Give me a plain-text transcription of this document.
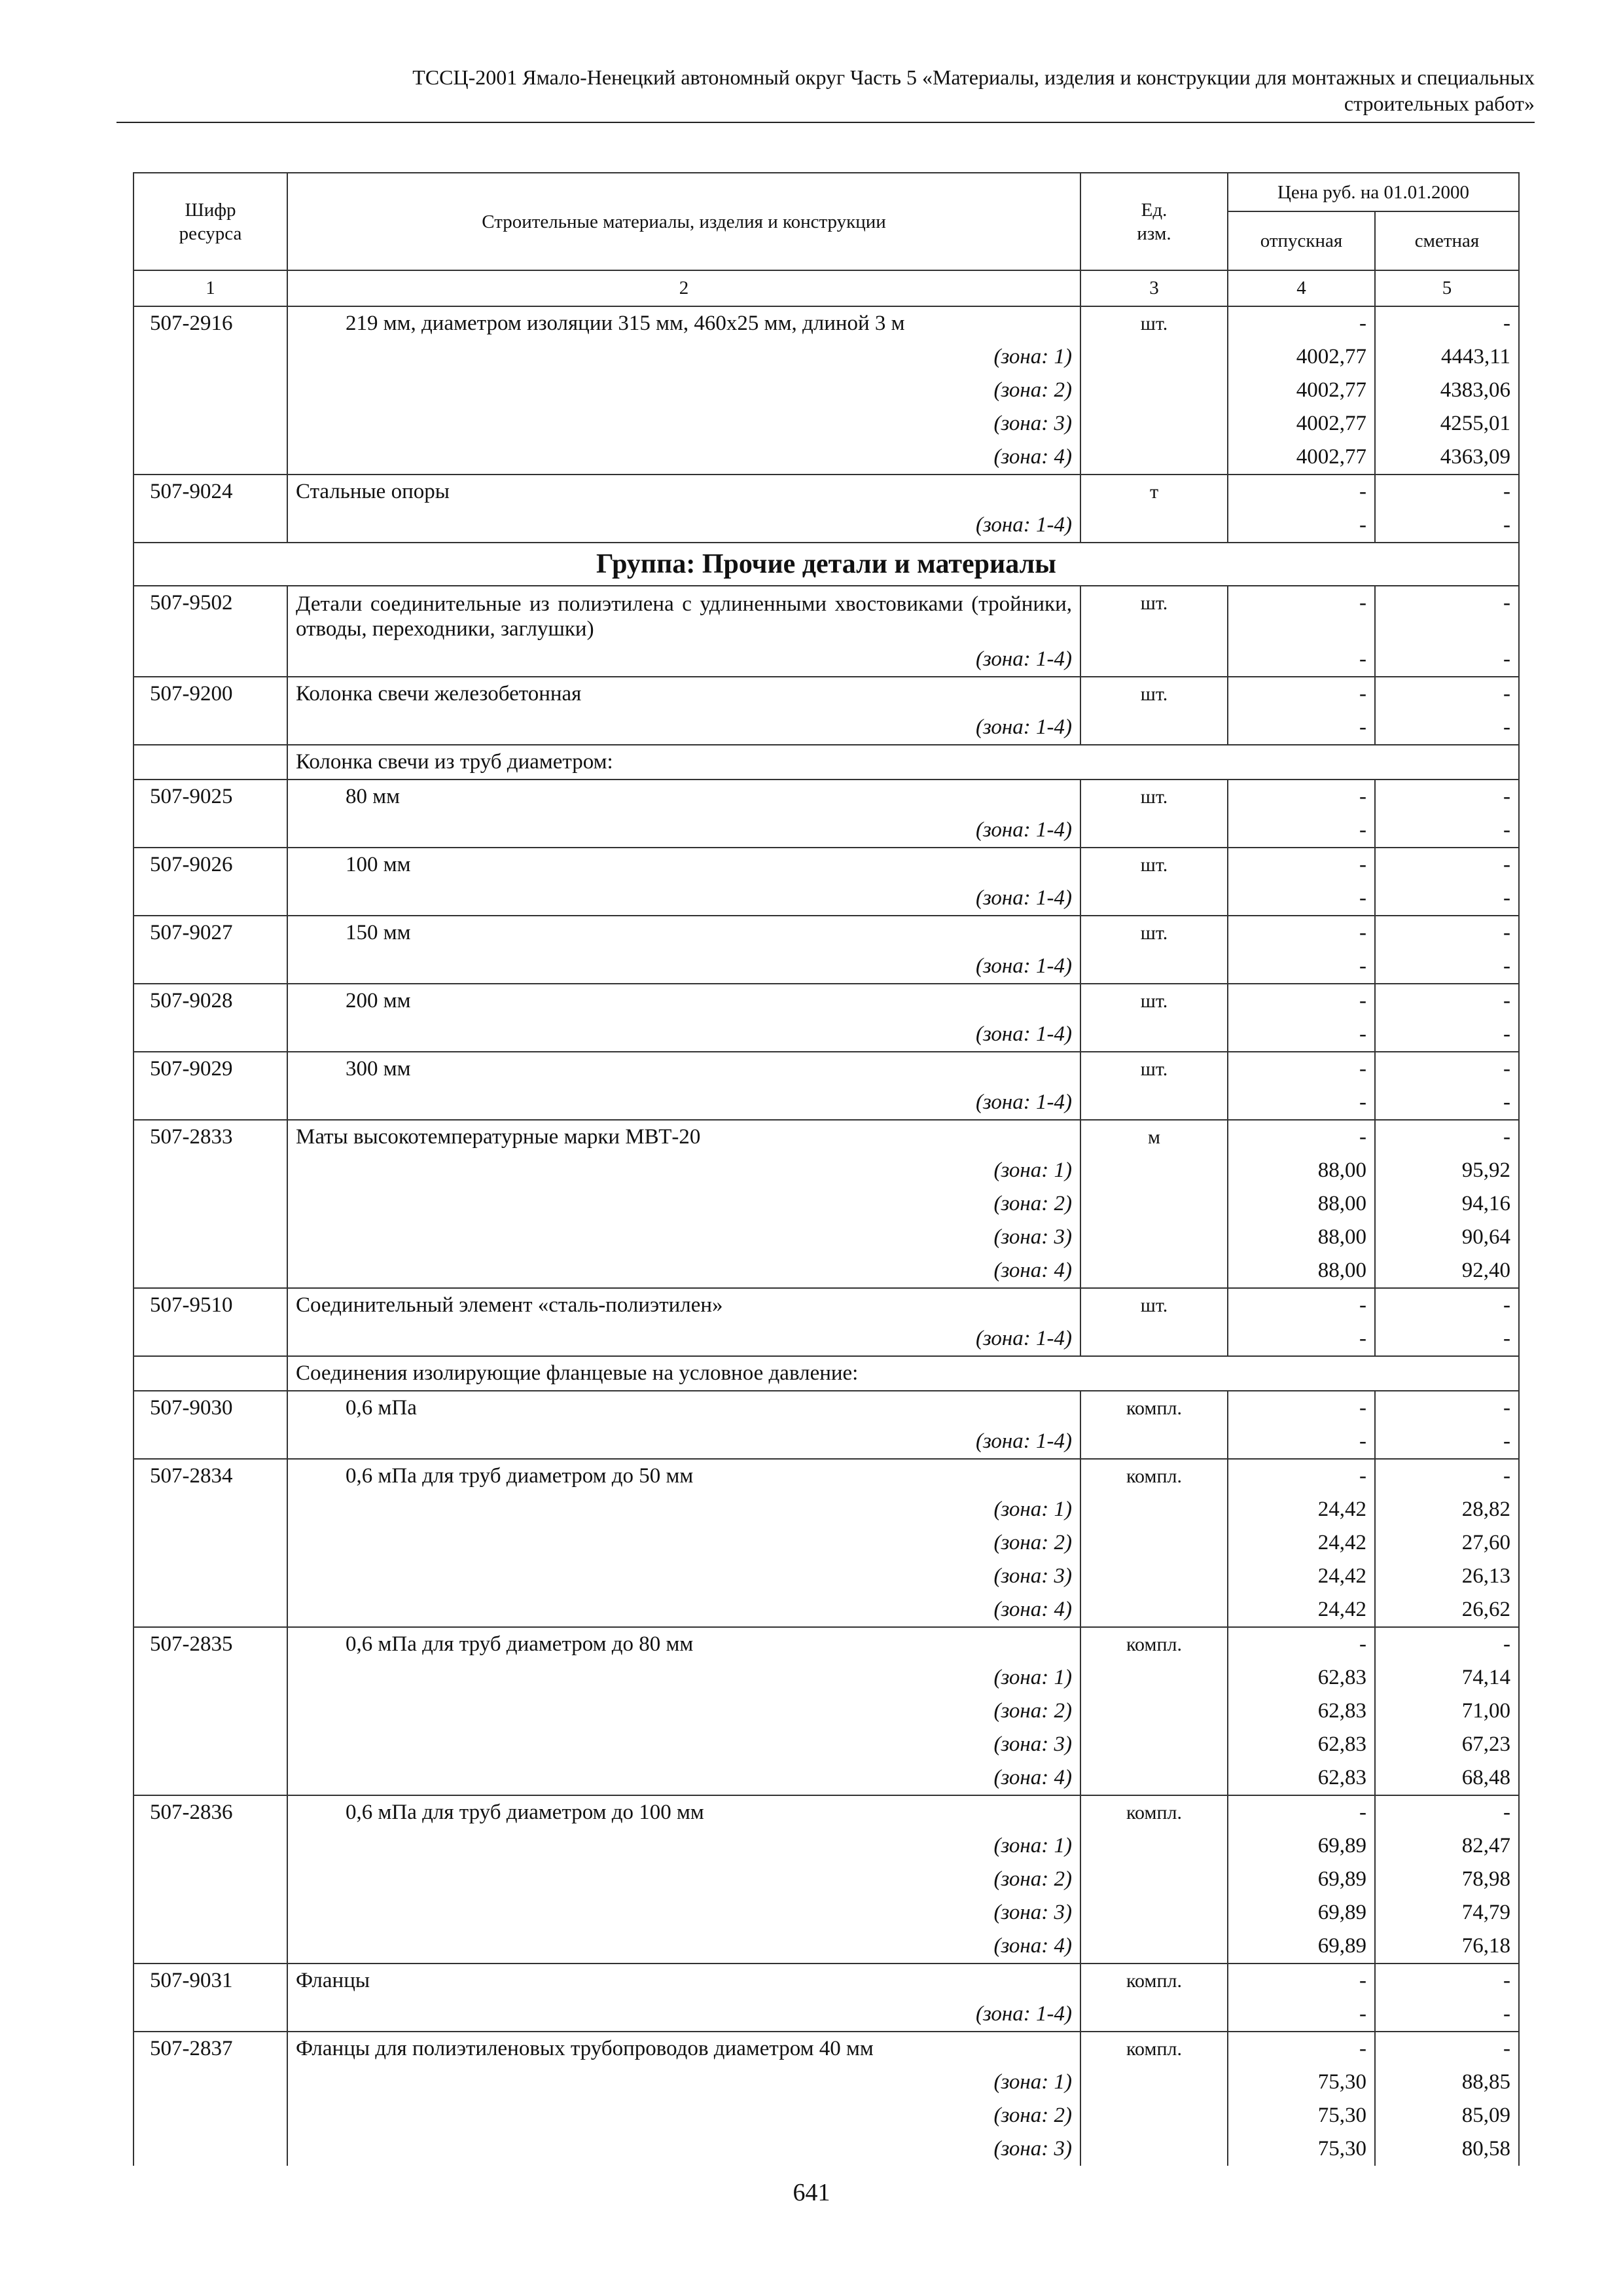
ТССЦ-2001 Ямало-Ненецкий автономный округ Часть 5 «Материалы, изделия и конструкции для монтажных и специальных
строительных работ»
Шифр ресурса	Строительные материалы, изделия и конструкции	Ед. изм.	Цена руб. на 01.01.2000	
			отпускная	сметная
1	2	3	4	5
507-2916	219 мм, диаметром изоляции 315 мм, 460х25 мм, длиной 3 м	шт.	-	-
	(зона: 1)		4002,77	4443,11
	(зона: 2)		4002,77	4383,06
	(зона: 3)		4002,77	4255,01
	(зона: 4)		4002,77	4363,09
507-9024	Стальные опоры	т	-	-
	(зона: 1-4)		-	-
Группа: Прочие детали и материалы				
507-9502	Детали соединительные из полиэтилена с удлиненными хвостовиками (тройники, отводы, переходники, заглушки)	шт.	-	-
	(зона: 1-4)		-	-
507-9200	Колонка свечи железобетонная	шт.	-	-
	(зона: 1-4)		-	-
	Колонка свечи из труб диаметром:			
507-9025	80 мм	шт.	-	-
	(зона: 1-4)		-	-
507-9026	100 мм	шт.	-	-
	(зона: 1-4)		-	-
507-9027	150 мм	шт.	-	-
	(зона: 1-4)		-	-
507-9028	200 мм	шт.	-	-
	(зона: 1-4)		-	-
507-9029	300 мм	шт.	-	-
	(зона: 1-4)		-	-
507-2833	Маты высокотемпературные марки МВТ-20	м	-	-
	(зона: 1)		88,00	95,92
	(зона: 2)		88,00	94,16
	(зона: 3)		88,00	90,64
	(зона: 4)		88,00	92,40
507-9510	Соединительный элемент «сталь-полиэтилен»	шт.	-	-
	(зона: 1-4)		-	-
	Соединения изолирующие фланцевые на условное давление:			
507-9030	0,6 мПа	компл.	-	-
	(зона: 1-4)		-	-
507-2834	0,6 мПа для труб диаметром до 50 мм	компл.	-	-
	(зона: 1)		24,42	28,82
	(зона: 2)		24,42	27,60
	(зона: 3)		24,42	26,13
	(зона: 4)		24,42	26,62
507-2835	0,6 мПа для труб диаметром до 80 мм	компл.	-	-
	(зона: 1)		62,83	74,14
	(зона: 2)		62,83	71,00
	(зона: 3)		62,83	67,23
	(зона: 4)		62,83	68,48
507-2836	0,6 мПа для труб диаметром до 100 мм	компл.	-	-
	(зона: 1)		69,89	82,47
	(зона: 2)		69,89	78,98
	(зона: 3)		69,89	74,79
	(зона: 4)		69,89	76,18
507-9031	Фланцы	компл.	-	-
	(зона: 1-4)		-	-
507-2837	Фланцы для полиэтиленовых трубопроводов диаметром 40 мм	компл.	-	-
	(зона: 1)		75,30	88,85
	(зона: 2)		75,30	85,09
	(зона: 3)		75,30	80,58
641
